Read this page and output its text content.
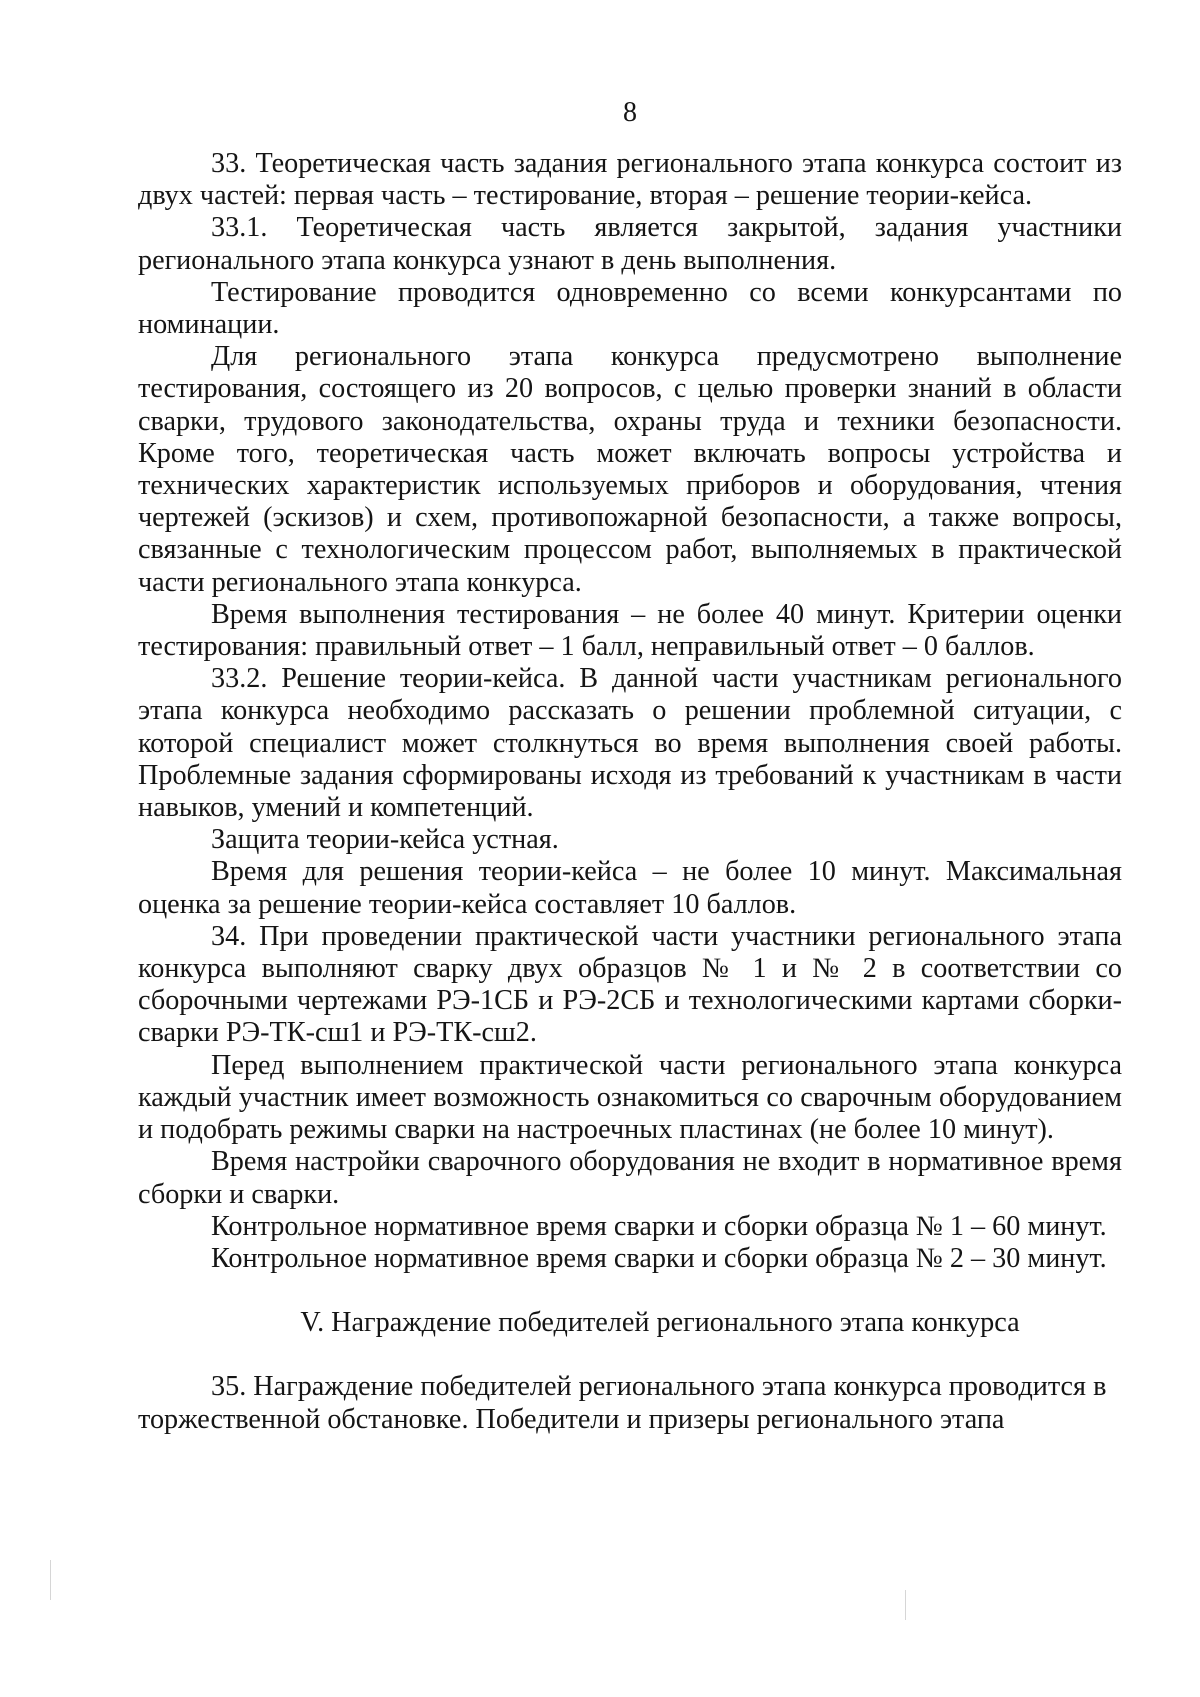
8

33. Теоретическая часть задания регионального этапа конкурса состоит из двух частей: первая часть – тестирование, вторая – решение теории-кейса.

33.1. Теоретическая часть является закрытой, задания участники регионального этапа конкурса узнают в день выполнения.

Тестирование проводится одновременно со всеми конкурсантами по номинации.

Для регионального этапа конкурса предусмотрено выполнение тестирования, состоящего из 20 вопросов, с целью проверки знаний в области сварки, трудового законодательства, охраны труда и техники безопасности. Кроме того, теоретическая часть может включать вопросы устройства и технических характеристик используемых приборов и оборудования, чтения чертежей (эскизов) и схем, противопожарной безопасности, а также вопросы, связанные с технологическим процессом работ, выполняемых в практической части регионального этапа конкурса.

Время выполнения тестирования – не более 40 минут. Критерии оценки тестирования: правильный ответ – 1 балл, неправильный ответ – 0 баллов.

33.2. Решение теории-кейса. В данной части участникам регионального этапа конкурса необходимо рассказать о решении проблемной ситуации, с которой специалист может столкнуться во время выполнения своей работы. Проблемные задания сформированы исходя из требований к участникам в части навыков, умений и компетенций.

Защита теории-кейса устная.

Время для решения теории-кейса – не более 10 минут. Максимальная оценка за решение теории-кейса составляет 10 баллов.

34. При проведении практической части участники регионального этапа конкурса выполняют сварку двух образцов № 1 и № 2 в соответствии со сборочными чертежами РЭ-1СБ и РЭ-2СБ и технологическими картами сборки-сварки РЭ-ТК-сш1 и РЭ-ТК-сш2.

Перед выполнением практической части регионального этапа конкурса каждый участник имеет возможность ознакомиться со сварочным оборудованием и подобрать режимы сварки на настроечных пластинах (не более 10 минут).

Время настройки сварочного оборудования не входит в нормативное время сборки и сварки.

Контрольное нормативное время сварки и сборки образца № 1 – 60 минут.

Контрольное нормативное время сварки и сборки образца № 2 – 30 минут.

V. Награждение победителей регионального этапа конкурса

35. Награждение победителей регионального этапа конкурса проводится в торжественной обстановке. Победители и призеры регионального этапа
